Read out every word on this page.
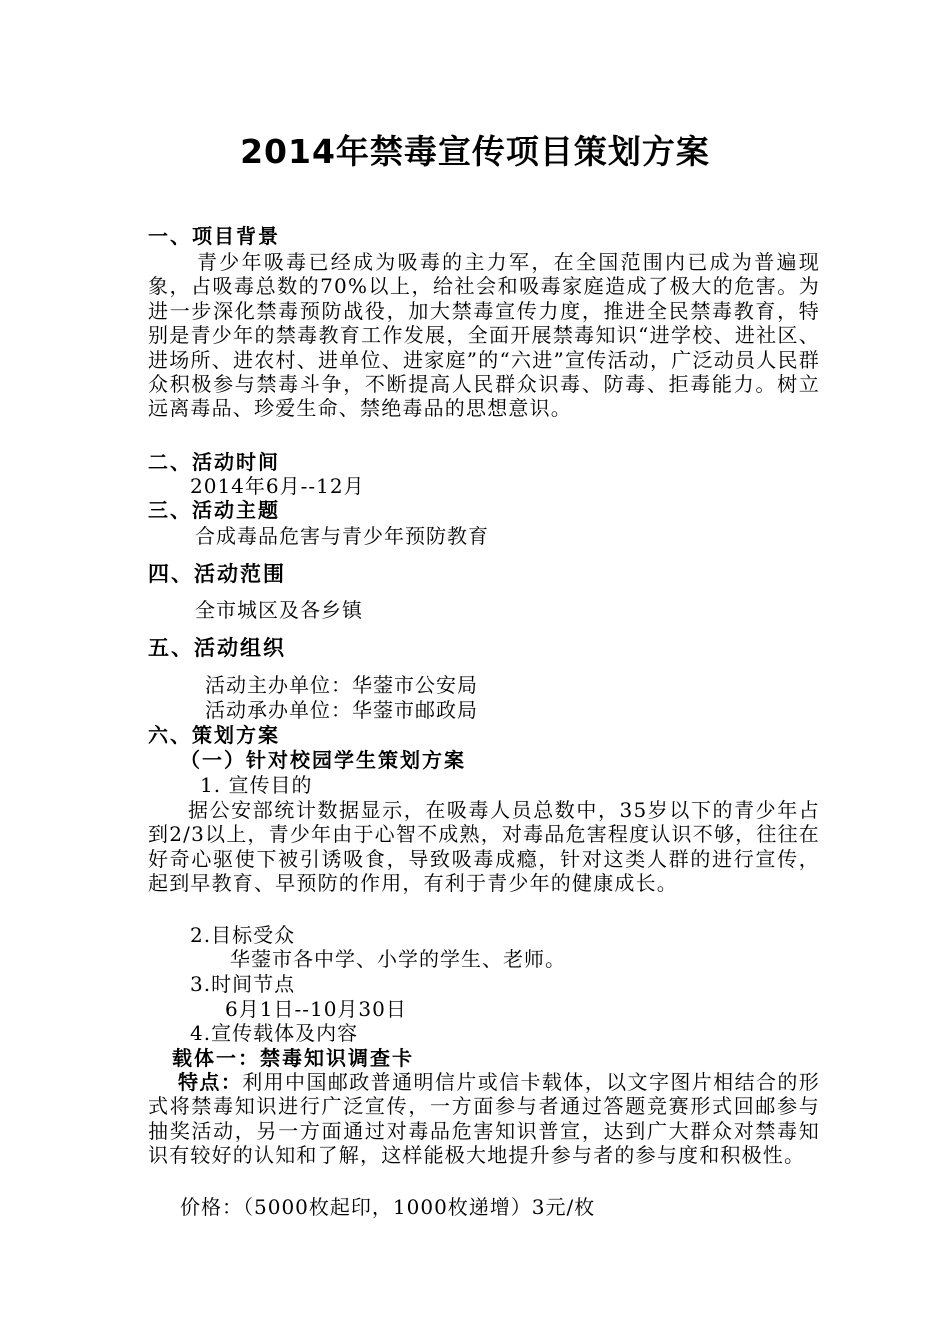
2014年禁毒宣传项目策划方案
一、项目背景
青少年吸毒已经成为吸毒的主力军，在全国范围内已成为普遍现象，占吸毒总数的70%以上，给社会和吸毒家庭造成了极大的危害。为进一步深化禁毒预防战役，加大禁毒宣传力度，推进全民禁毒教育，特别是青少年的禁毒教育工作发展，全面开展禁毒知识“进学校、进社区、进场所、进农村、进单位、进家庭”的“六进”宣传活动，广泛动员人民群众积极参与禁毒斗争，不断提高人民群众识毒、防毒、拒毒能力。树立远离毒品、珍爱生命、禁绝毒品的思想意识。
二、活动时间
2014年6月--12月
三、活动主题
合成毒品危害与青少年预防教育
四、活动范围
全市城区及各乡镇
五、活动组织
活动主办单位：华蓥市公安局
活动承办单位：华蓥市邮政局
六、策划方案
（一）针对校园学生策划方案
1. 宣传目的
据公安部统计数据显示，在吸毒人员总数中，35岁以下的青少年占到2/3以上，青少年由于心智不成熟，对毒品危害程度认识不够，往往在好奇心驱使下被引诱吸食，导致吸毒成瘾，针对这类人群的进行宣传，起到早教育、早预防的作用，有利于青少年的健康成长。
2.目标受众
华蓥市各中学、小学的学生、老师。
3.时间节点
6月1日--10月30日
4.宣传载体及内容
载体一：禁毒知识调查卡
特点：利用中国邮政普通明信片或信卡载体，以文字图片相结合的形式将禁毒知识进行广泛宣传，一方面参与者通过答题竞赛形式回邮参与抽奖活动，另一方面通过对毒品危害知识普宣，达到广大群众对禁毒知识有较好的认知和了解，这样能极大地提升参与者的参与度和积极性。
价格：（5000枚起印，1000枚递增）3元/枚
